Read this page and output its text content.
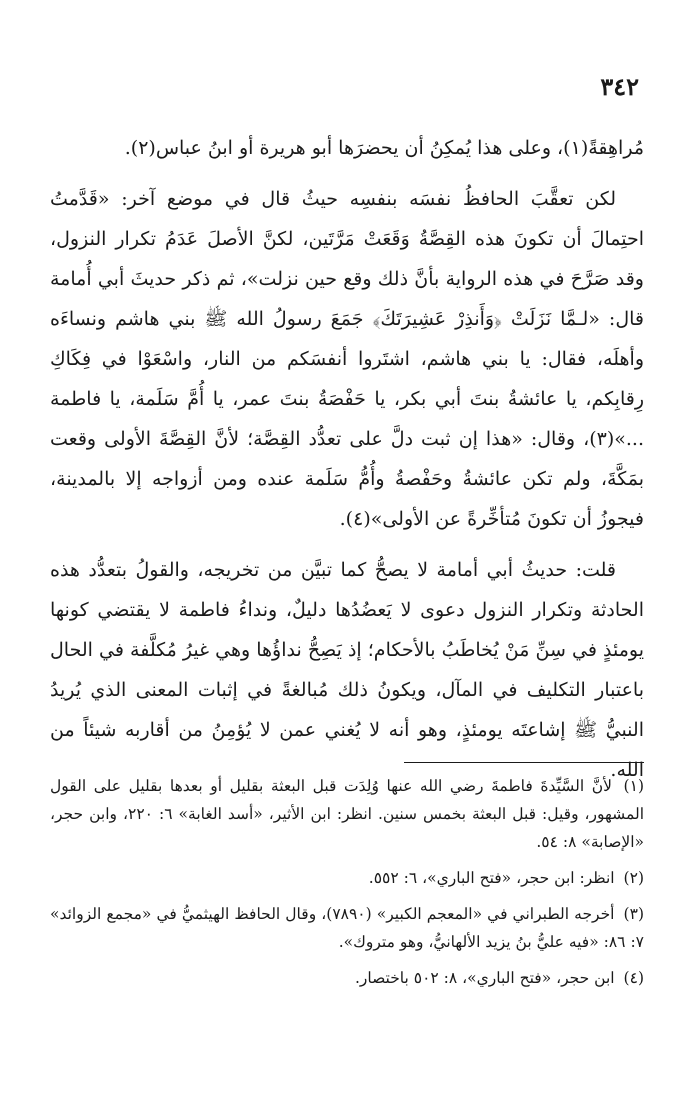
٣٤٢

مُراهِقةً(١)، وعلى هذا يُمكِنُ أن يحضرَها أبو هريرة أو ابنُ عباس(٢).

لكن تعقَّبَ الحافظُ نفسَه بنفسِه حيثُ قال في موضع آخر: «قَدَّمتُ احتِمالَ أن تكونَ هذه القِصَّةُ وَقَعَتْ مَرَّتَين، لكنَّ الأصلَ عَدَمُ تكرار النزول، وقد صَرَّحَ في هذه الرواية بأنَّ ذلك وقع حين نزلت»، ثم ذكر حديثَ أبي أُمامة قال: «لـمَّا نَزَلَتْ ﴿وَأَنذِرْ عَشِيرَتَكَ﴾ جَمَعَ رسولُ الله ﷺ بني هاشم ونساءَه وأهلَه، فقال: يا بني هاشم، اشتَروا أنفسَكم من النار، واسْعَوْا في فِكَاكِ رِقابِكم، يا عائشةُ بنتَ أبي بكر، يا حَفْصَةُ بنتَ عمر، يا أُمَّ سَلَمة، يا فاطمة ...»(٣)، وقال: «هذا إن ثبت دلَّ على تعدُّد القِصَّة؛ لأنَّ القِصَّةَ الأولى وقعت بمَكَّةَ، ولم تكن عائشةُ وحَفْصةُ وأُمُّ سَلَمة عنده ومن أزواجه إلا بالمدينة، فيجوزُ أن تكونَ مُتأخِّرةً عن الأولى»(٤).

قلت: حديثُ أبي أمامة لا يصحُّ كما تبيَّن من تخريجه، والقولُ بتعدُّد هذه الحادثة وتكرار النزول دعوى لا يَعضُدُها دليلٌ، ونداءُ فاطمة لا يقتضي كونها يومئذٍ في سِنِّ مَنْ يُخاطَبُ بالأحكام؛ إذ يَصِحُّ نداؤُها وهي غيرُ مُكلَّفة في الحال باعتبار التكليف في المآل، ويكونُ ذلك مُبالغةً في إثبات المعنى الذي يُريدُ النبيُّ ﷺ إشاعتَه يومئذٍ، وهو أنه لا يُغني عمن لا يُؤمِنُ من أقاربه شيئاً من الله.

(١) لأنَّ السَّيِّدةَ فاطمةَ رضي الله عنها وُلِدَت قبل البعثة بقليل أو بعدها بقليل على القول المشهور، وقيل: قبل البعثة بخمس سنين. انظر: ابن الأثير، «أسد الغابة» ٦: ٢٢٠، وابن حجر، «الإصابة» ٨: ٥٤.
(٢) انظر: ابن حجر، «فتح الباري»، ٦: ٥٥٢.
(٣) أخرجه الطبراني في «المعجم الكبير» (٧٨٩٠)، وقال الحافظ الهيثميُّ في «مجمع الزوائد» ٧: ٨٦: «فيه عليُّ بنُ يزيد الألهانيُّ، وهو متروك».
(٤) ابن حجر، «فتح الباري»، ٨: ٥٠٢ باختصار.
